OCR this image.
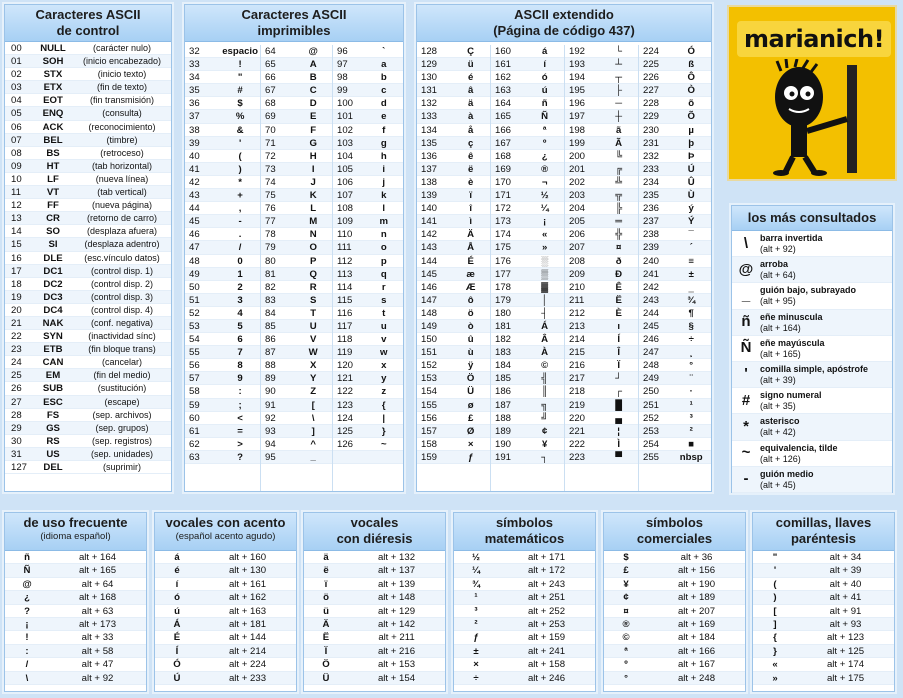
Caracteres ASCII
de control
00	NULL	(carácter nulo)
01	SOH	(inicio encabezado)
02	STX	(inicio texto)
03	ETX	(fin de texto)
04	EOT	(fin transmisión)
05	ENQ	(consulta)
06	ACK	(reconocimiento)
07	BEL	(timbre)
08	BS	(retroceso)
09	HT	(tab horizontal)
10	LF	(nueva línea)
11	VT	(tab vertical)
12	FF	(nueva página)
13	CR	(retorno de carro)
14	SO	(desplaza afuera)
15	SI	(desplaza adentro)
16	DLE	(esc.vínculo datos)
17	DC1	(control disp. 1)
18	DC2	(control disp. 2)
19	DC3	(control disp. 3)
20	DC4	(control disp. 4)
21	NAK	(conf. negativa)
22	SYN	(inactividad sínc)
23	ETB	(fin bloque trans)
24	CAN	(cancelar)
25	EM	(fin del medio)
26	SUB	(sustitución)
27	ESC	(escape)
28	FS	(sep. archivos)
29	GS	(sep. grupos)
30	RS	(sep. registros)
31	US	(sep. unidades)
127	DEL	(suprimir)
Caracteres ASCII
imprimibles
32	espacio
33	!
34	"
35	#
36	$
37	%
38	&
39	'
40	(
41	)
42	*
43	+
44	,
45	-
46	.
47	/
48	0
49	1
50	2
51	3
52	4
53	5
54	6
55	7
56	8
57	9
58	:
59	;
60	<
61	=
62	>
63	?
64	@
65	A
66	B
67	C
68	D
69	E
70	F
71	G
72	H
73	I
74	J
75	K
76	L
77	M
78	N
79	O
80	P
81	Q
82	R
83	S
84	T
85	U
86	V
87	W
88	X
89	Y
90	Z
91	[
92	\
93	]
94	^
95	_
96	`
97	a
98	b
99	c
100	d
101	e
102	f
103	g
104	h
105	i
106	j
107	k
108	l
109	m
110	n
111	o
112	p
113	q
114	r
115	s
116	t
117	u
118	v
119	w
120	x
121	y
122	z
123	{
124	|
125	}
126	~
ASCII extendido
(Página de código 437)
128	Ç
129	ü
130	é
131	â
132	ä
133	à
134	å
135	ç
136	ê
137	ë
138	è
139	ï
140	î
141	ì
142	Ä
143	Å
144	É
145	æ
146	Æ
147	ô
148	ö
149	ò
150	û
151	ù
152	ÿ
153	Ö
154	Ü
155	ø
156	£
157	Ø
158	×
159	ƒ
160	á
161	í
162	ó
163	ú
164	ñ
165	Ñ
166	ª
167	º
168	¿
169	®
170	¬
171	½
172	¼
173	¡
174	«
175	»
176	░
177	▒
178	▓
179	│
180	┤
181	Á
182	Â
183	À
184	©
185	╣
186	║
187	╗
188	╝
189	¢
190	¥
191	┐
192	└
193	┴
194	┬
195	├
196	─
197	┼
198	ã
199	Ã
200	╚
201	╔
202	╩
203	╦
204	╠
205	═
206	╬
207	¤
208	ð
209	Ð
210	Ê
211	Ë
212	È
213	ı
214	Í
215	Î
216	Ï
217	┘
218	┌
219	█
220	▄
221	¦
222	Ì
223	▀
224	Ó
225	ß
226	Ô
227	Ò
228	õ
229	Õ
230	µ
231	þ
232	Þ
233	Ú
234	Û
235	Ù
236	ý
237	Ý
238	¯
239	´
240	≡
241	±
242	‗
243	¾
244	¶
245	§
246	÷
247	¸
248	°
249	¨
250	·
251	¹
252	³
253	²
254	■
255	nbsp
marianich!
los más consultados
\	barra invertida
(alt + 92)
@ arroba
(alt + 64)
_	guión bajo, subrayado
(alt + 95)
ñ	eñe minuscula
(alt + 164)
Ñ eñe mayúscula
(alt + 165)
'	comilla simple, apóstrofe
(alt + 39)
#	signo numeral
(alt + 35)
*	asterisco
(alt + 42)
~	equivalencia, tilde
(alt + 126)
-	guión medio
(alt + 45)
de uso frecuente
(idioma español)
ñ	alt + 164
Ñ	alt + 165
@	alt + 64
¿	alt + 168
?	alt + 63
¡	alt + 173
!	alt + 33
:	alt + 58
/	alt + 47
\	alt + 92
vocales con acento
(español acento agudo)
á	alt + 160
é	alt + 130
í	alt + 161
ó	alt + 162
ú	alt + 163
Á	alt + 181
É	alt + 144
Í	alt + 214
Ó	alt + 224
Ú	alt + 233
vocales
con diéresis
ä	alt + 132
ë	alt + 137
ï	alt + 139
ö	alt + 148
ü	alt + 129
Ä	alt + 142
Ë	alt + 211
Ï	alt + 216
Ö	alt + 153
Ü	alt + 154
símbolos
matemáticos
½	alt + 171
¼	alt + 172
¾	alt + 243
¹	alt + 251
³	alt + 252
²	alt + 253
ƒ	alt + 159
±	alt + 241
×	alt + 158
÷	alt + 246
símbolos
comerciales
$	alt + 36
£	alt + 156
¥	alt + 190
¢	alt + 189
¤	alt + 207
®	alt + 169
©	alt + 184
ª	alt + 166
º	alt + 167
°	alt + 248
comillas, llaves
paréntesis
"	alt + 34
'	alt + 39
(	alt + 40
)	alt + 41
[	alt + 91
]	alt + 93
{	alt + 123
}	alt + 125
«	alt + 174
»	alt + 175
